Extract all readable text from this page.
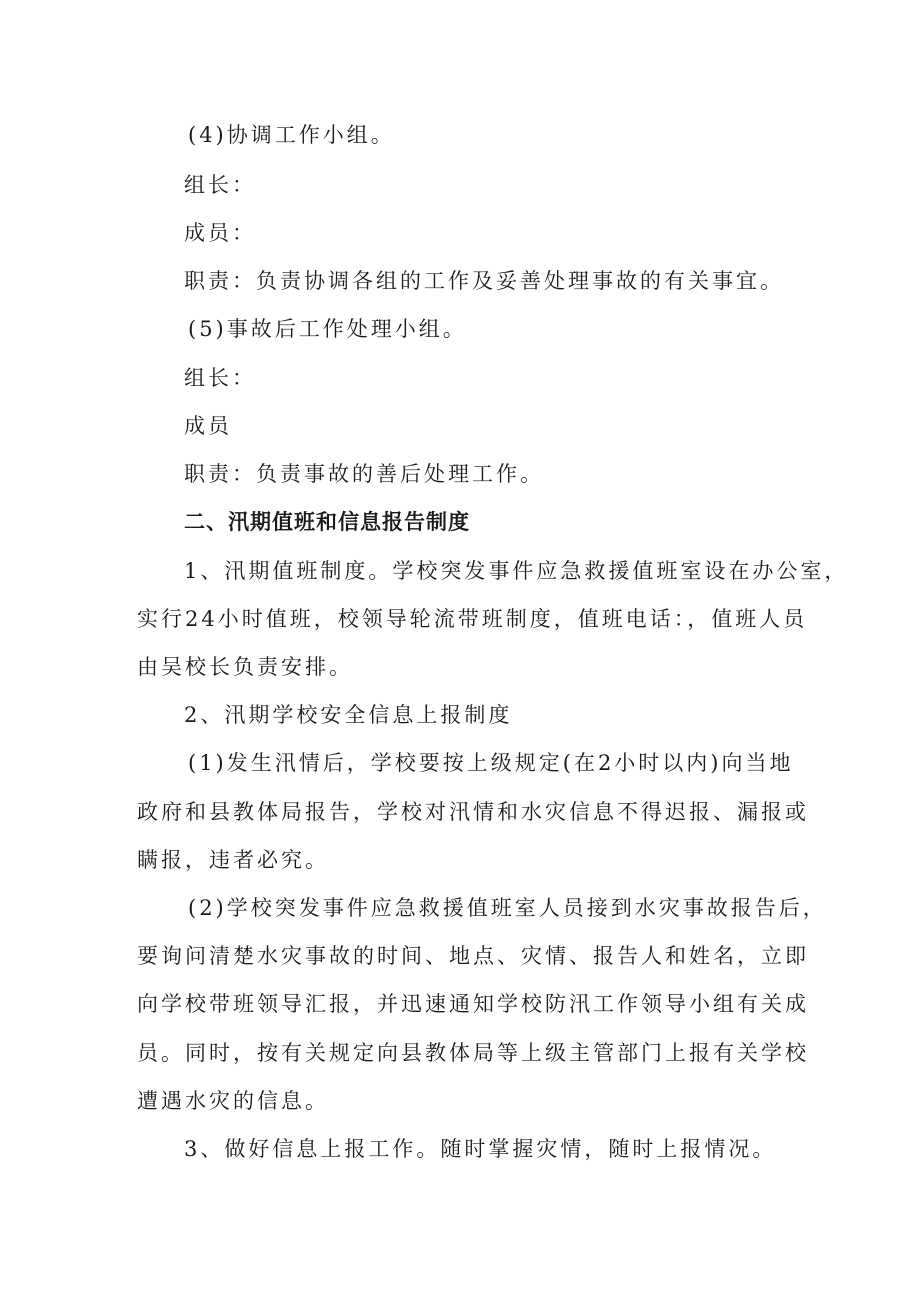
(4)协调工作小组。
组长：
成员：
职责：负责协调各组的工作及妥善处理事故的有关事宜。
(5)事故后工作处理小组。
组长：
成员
职责：负责事故的善后处理工作。
二、汛期值班和信息报告制度
1、汛期值班制度。学校突发事件应急救援值班室设在办公室，
实行24小时值班，校领导轮流带班制度，值班电话：，值班人员
由吴校长负责安排。
2、汛期学校安全信息上报制度
(1)发生汛情后，学校要按上级规定(在2小时以内)向当地
政府和县教体局报告，学校对汛情和水灾信息不得迟报、漏报或
瞒报，违者必究。
(2)学校突发事件应急救援值班室人员接到水灾事故报告后，
要询问清楚水灾事故的时间、地点、灾情、报告人和姓名，立即
向学校带班领导汇报，并迅速通知学校防汛工作领导小组有关成
员。同时，按有关规定向县教体局等上级主管部门上报有关学校
遭遇水灾的信息。
3、做好信息上报工作。随时掌握灾情，随时上报情况。
